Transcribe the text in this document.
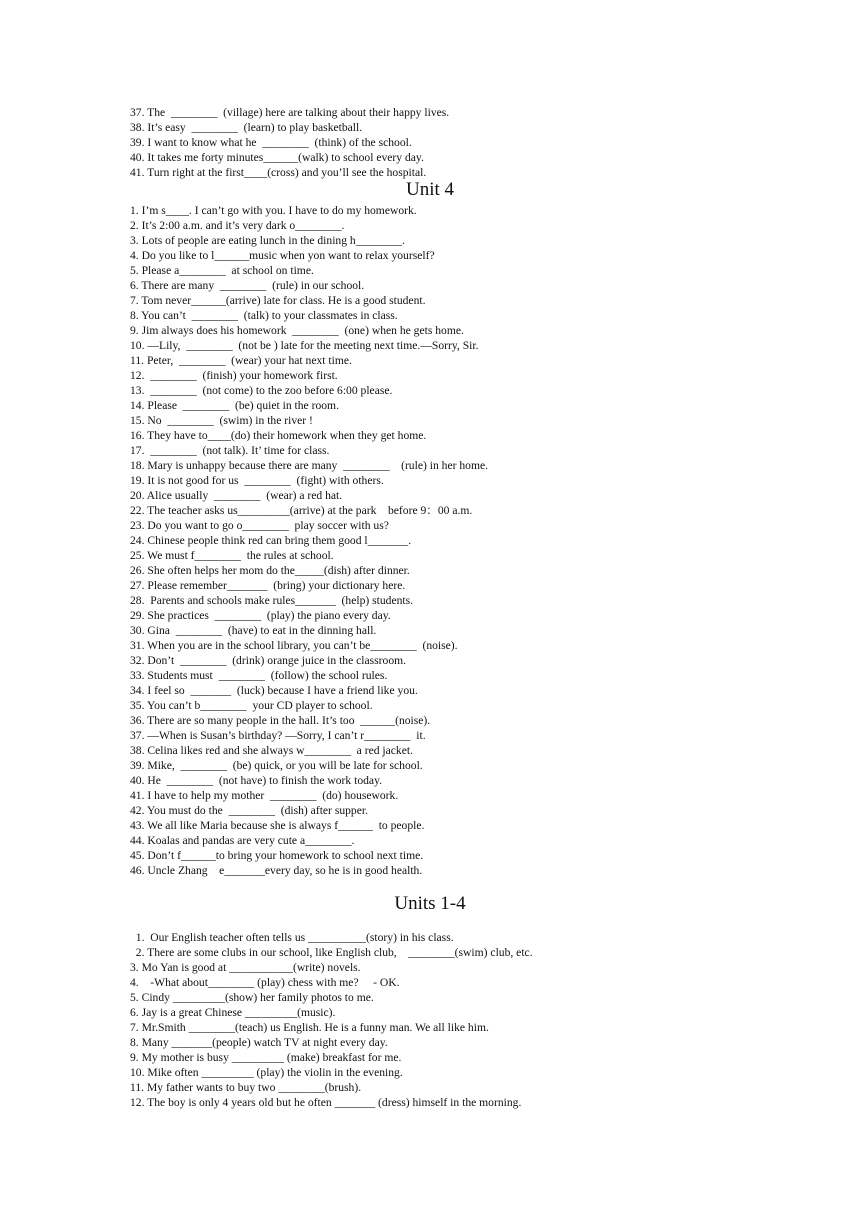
37. The  ________  (village) here are talking about their happy lives.
38. It’s easy  ________  (learn) to play basketball.
39. I want to know what he  ________  (think) of the school.
40. It takes me forty minutes______(walk) to school every day.
41. Turn right at the first____(cross) and you’ll see the hospital.
Unit 4
1. I’m s____. I can’t go with you. I have to do my homework.
2. It’s 2:00 a.m. and it’s very dark o________.
3. Lots of people are eating lunch in the dining h________.
4. Do you like to l______music when yon want to relax yourself?
5. Please a________  at school on time.
6. There are many  ________  (rule) in our school.
7. Tom never______(arrive) late for class. He is a good student.
8. You can’t  ________  (talk) to your classmates in class.
9. Jim always does his homework  ________  (one) when he gets home.
10. —Lily,  ________  (not be ) late for the meeting next time.—Sorry, Sir.
11. Peter,  ________  (wear) your hat next time.
12.  ________  (finish) your homework first.
13.  ________  (not come) to the zoo before 6:00 please.
14. Please  ________  (be) quiet in the room.
15. No  ________  (swim) in the river !
16. They have to____(do) their homework when they get home.
17.  ________  (not talk). It’ time for class.
18. Mary is unhappy because there are many  ________    (rule) in her home.
19. It is not good for us  ________  (fight) with others.
20. Alice usually  ________  (wear) a red hat.
22. The teacher asks us_________(arrive) at the park    before 9：00 a.m.
23. Do you want to go o________  play soccer with us?
24. Chinese people think red can bring them good l_______.
25. We must f________  the rules at school.
26. She often helps her mom do the_____(dish) after dinner.
27. Please remember_______  (bring) your dictionary here.
28.  Parents and schools make rules_______  (help) students.
29. She practices  ________  (play) the piano every day.
30. Gina  ________  (have) to eat in the dinning hall.
31. When you are in the school library, you can’t be________  (noise).
32. Don’t  ________  (drink) orange juice in the classroom.
33. Students must  ________  (follow) the school rules.
34. I feel so  _______  (luck) because I have a friend like you.
35. You can’t b________  your CD player to school.
36. There are so many people in the hall. It’s too  ______(noise).
37. —When is Susan’s birthday? —Sorry, I can’t r________  it.
38. Celina likes red and she always w________  a red jacket.
39. Mike,  ________  (be) quick, or you will be late for school.
40. He  ________  (not have) to finish the work today.
41. I have to help my mother  ________  (do) housework.
42. You must do the  ________  (dish) after supper.
43. We all like Maria because she is always f______  to people.
44. Koalas and pandas are very cute a________.
45. Don’t f______to bring your homework to school next time.
46. Uncle Zhang    e_______every day, so he is in good health.
Units 1-4
1.  Our English teacher often tells us __________(story) in his class.
2. There are some clubs in our school, like English club,    ________(swim) club, etc.
3. Mo Yan is good at ___________(write) novels.
4.    -What about________ (play) chess with me?     - OK.
5. Cindy _________(show) her family photos to me.
6. Jay is a great Chinese _________(music).
7. Mr.Smith ________(teach) us English. He is a funny man. We all like him.
8. Many _______(people) watch TV at night every day.
9. My mother is busy _________ (make) breakfast for me.
10. Mike often _________ (play) the violin in the evening.
11. My father wants to buy two ________(brush).
12. The boy is only 4 years old but he often _______ (dress) himself in the morning.
